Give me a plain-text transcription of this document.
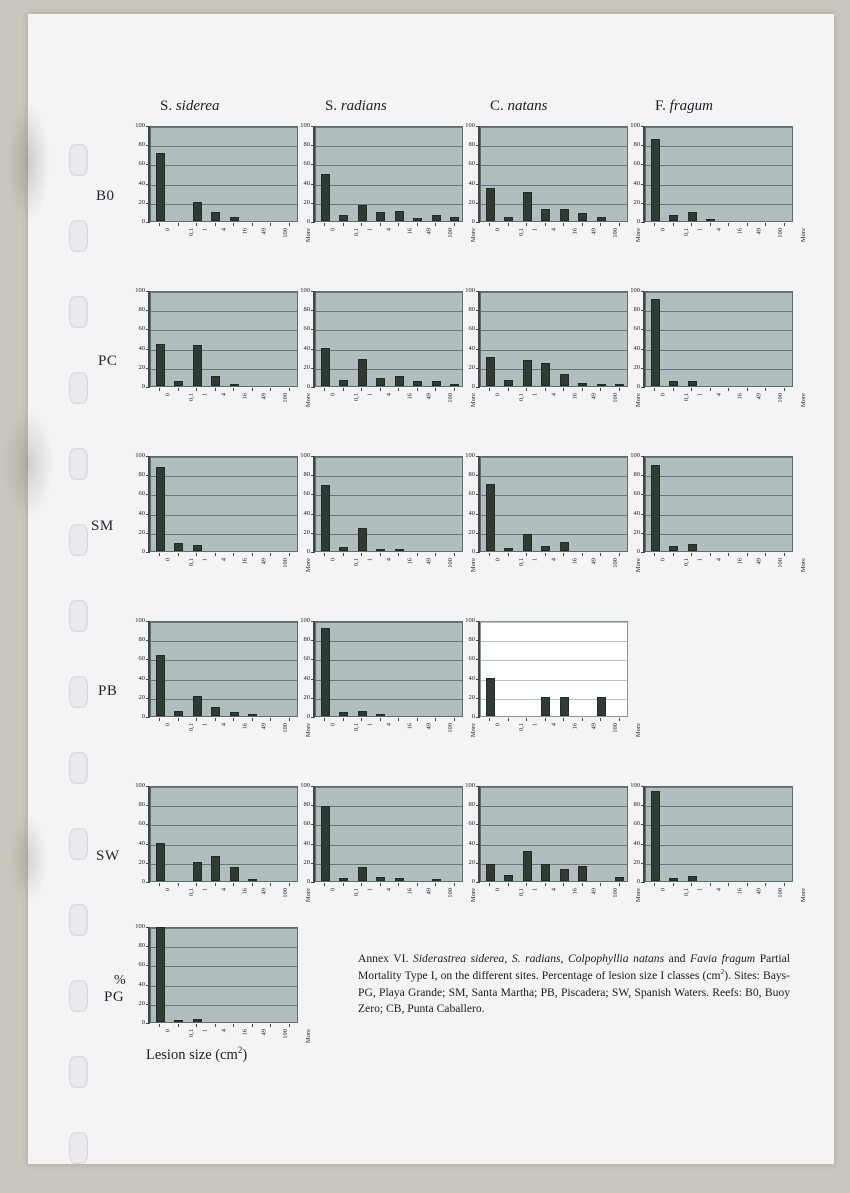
S. siderea	S. radians	C. natans	F. fragum
B0
PC
SM
PB
SW
PG
%
0
20
40
60
80
100
0	0,1 1 4 16 49 100 More
0
20
40
60
80
100
0	0,1 1 4 16 49 100 More
0
20
40
60
80
100
0	0,1 1 4 16 49 100 More
0
20
40
60
80
100
0	0,1 1 4 16 49 100 More
0
20
40
60
80
100
0	0,1 1 4 16 49 100 More
0
20
40
60
80
100
0	0,1 1 4 16 49 100 More
0
20
40
60
80
100
0	0,1 1 4 16 49 100 More
0
20
40
60
80
100
0	0,1 1 4 16 49 100 More
0
20
40
60
80
100
0	0,1 1 4 16 49 100 More
0
20
40
60
80
100
0	0,1 1 4 16 49 100 More
0
20
40
60
80
100
0	0,1 1 4 16 49 100 More
0
20
40
60
80
100
0	0,1 1 4 16 49 100 More
0
20
40
60
80
100
0	0,1 1 4 16 49 100 More
0
20
40
60
80
100
0	0,1 1 4 16 49 100 More
0
20
40
60
80
100
0	0,1 1 4 16 49 100 More
0
20
40
60
80
100
0	0,1 1 4 16 49 100 More
0
20
40
60
80
100
0	0,1 1 4 16 49 100 More
0
20
40
60
80
100
0	0,1 1 4 16 49 100 More
0
20
40
60
80
100
0	0,1 1 4 16 49 100 More
0
20
40
60
80
100
0	0,1 1 4 16 49 100 More
Annex VI. Siderastrea siderea, S. radians, Colpophyllia natans and Favia fragum Partial Mortality Type I, on the different sites. Percentage of lesion size I classes $(cm^2)$. Sites: Bays- PG, Playa Grande; SM, Santa Martha; PB, Piscadera; SW, Spanish Waters. Reefs: B0, Buoy Zero; CB, Punta Caballero.
Lesion size $(cm^2)$
